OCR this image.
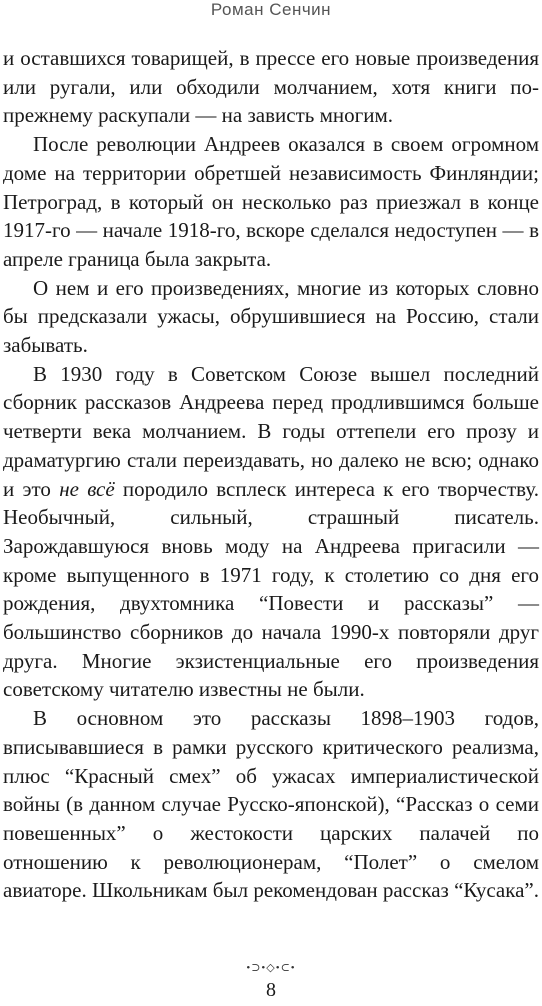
Роман Сенчин

и оставшихся товарищей, в прессе его новые произведения или ругали, или обходили молчанием, хотя книги по-прежнему раскупали — на зависть многим.

После революции Андреев оказался в своем огромном доме на территории обретшей независимость Финляндии; Петроград, в который он несколько раз приезжал в конце 1917-го — начале 1918-го, вскоре сделался недоступен — в апреле граница была закрыта.

О нем и его произведениях, многие из которых словно бы предсказали ужасы, обрушившиеся на Россию, стали забывать.

В 1930 году в Советском Союзе вышел последний сборник рассказов Андреева перед продлившимся больше четверти века молчанием. В годы оттепели его прозу и драматургию стали переиздавать, но далеко не всю; однако и это не всё породило всплеск интереса к его творчеству. Необычный, сильный, страшный писатель. Зарождавшуюся вновь моду на Андреева пригасили — кроме выпущенного в 1971 году, к столетию со дня его рождения, двухтомника “Повести и рассказы” — большинство сборников до начала 1990-х повторяли друг друга. Многие экзистенциальные его произведения советскому читателю известны не были.

В основном это рассказы 1898–1903 годов, вписывавшиеся в рамки русского критического реализма, плюс “Красный смех” об ужасах империалистической войны (в данном случае Русско-японской), “Рассказ о семи повешенных” о жестокости царских палачей по отношению к революционерам, “Полет” о смелом авиаторе. Школьникам был рекомендован рассказ “Кусака”.

•⊃•◇•⊂•
8
